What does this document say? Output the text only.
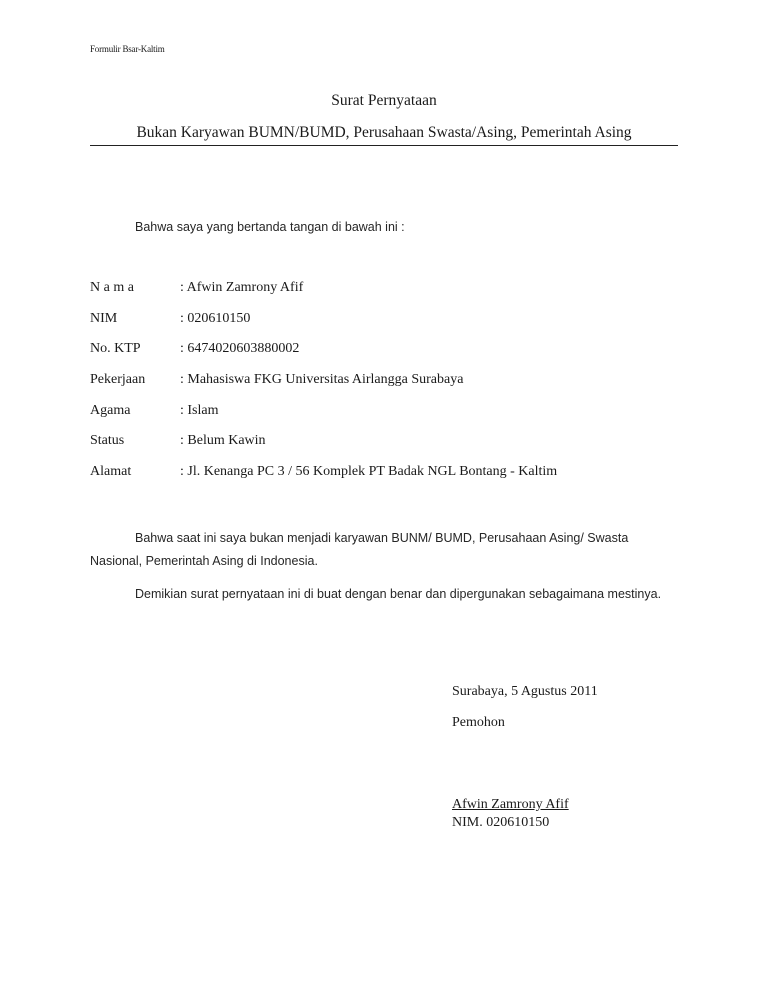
Formulir Bsar-Kaltim
Surat Pernyataan
Bukan Karyawan BUMN/BUMD, Perusahaan Swasta/Asing, Pemerintah Asing
Bahwa saya yang bertanda tangan di bawah ini :
N a m a	: Afwin Zamrony Afif
NIM	: 020610150
No. KTP	: 6474020603880002
Pekerjaan	: Mahasiswa FKG Universitas Airlangga Surabaya
Agama	: Islam
Status	: Belum Kawin
Alamat	: Jl. Kenanga PC 3 / 56 Komplek PT Badak NGL Bontang - Kaltim
Bahwa saat ini saya bukan menjadi karyawan BUNM/ BUMD, Perusahaan Asing/ Swasta
Nasional, Pemerintah Asing di Indonesia.
Demikian surat pernyataan ini di buat dengan benar dan dipergunakan sebagaimana mestinya.
Surabaya, 5 Agustus 2011
Pemohon
Afwin Zamrony Afif
NIM. 020610150
